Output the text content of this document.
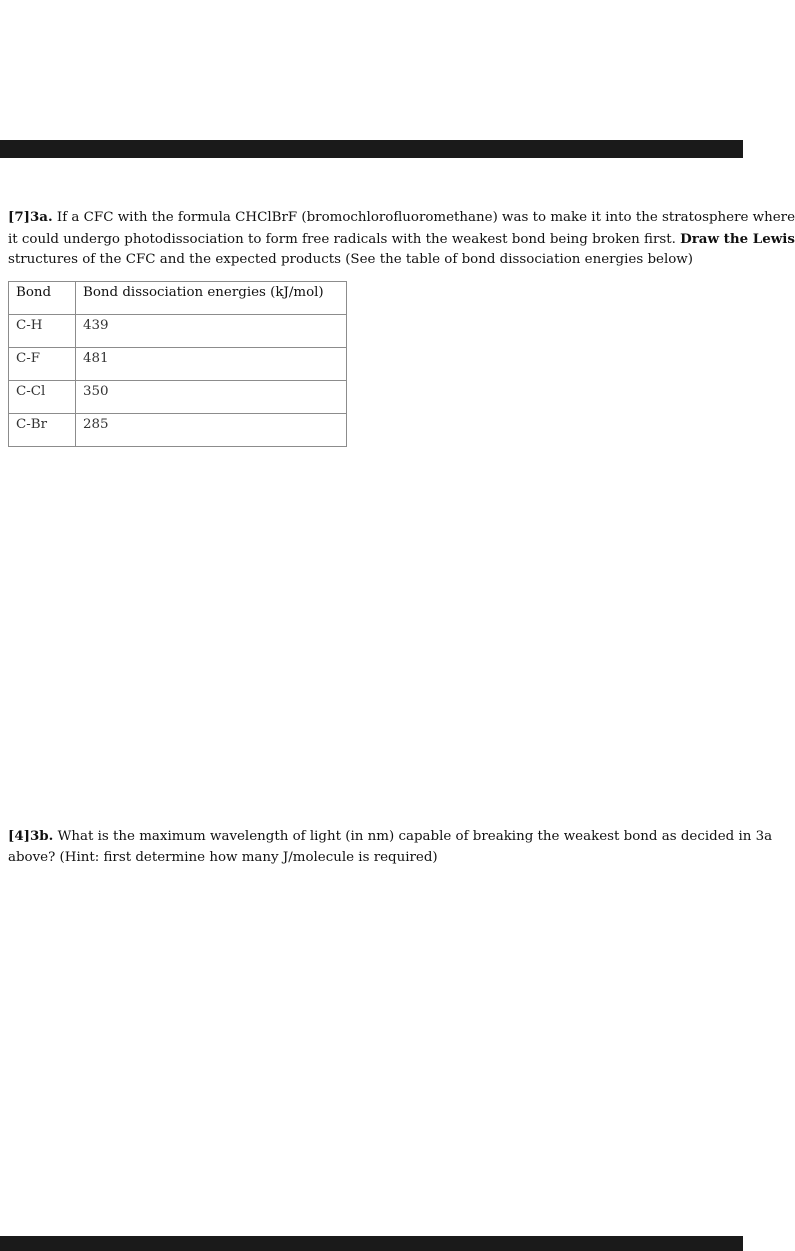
[7]3a. If a CFC with the formula CHClBrF (bromochlorofluoromethane) was to make it into the stratosphere where
it could undergo photodissociation to form free radicals with the weakest bond being broken first. Draw the Lewis
structures of the CFC and the expected products (See the table of bond dissociation energies below)
Bond	Bond dissociation energies (kJ/mol)
C-H	439
C-F	481
C-Cl	350
C-Br	285
[4]3b. What is the maximum wavelength of light (in nm) capable of breaking the weakest bond as decided in 3a
above? (Hint: first determine how many J/molecule is required)
